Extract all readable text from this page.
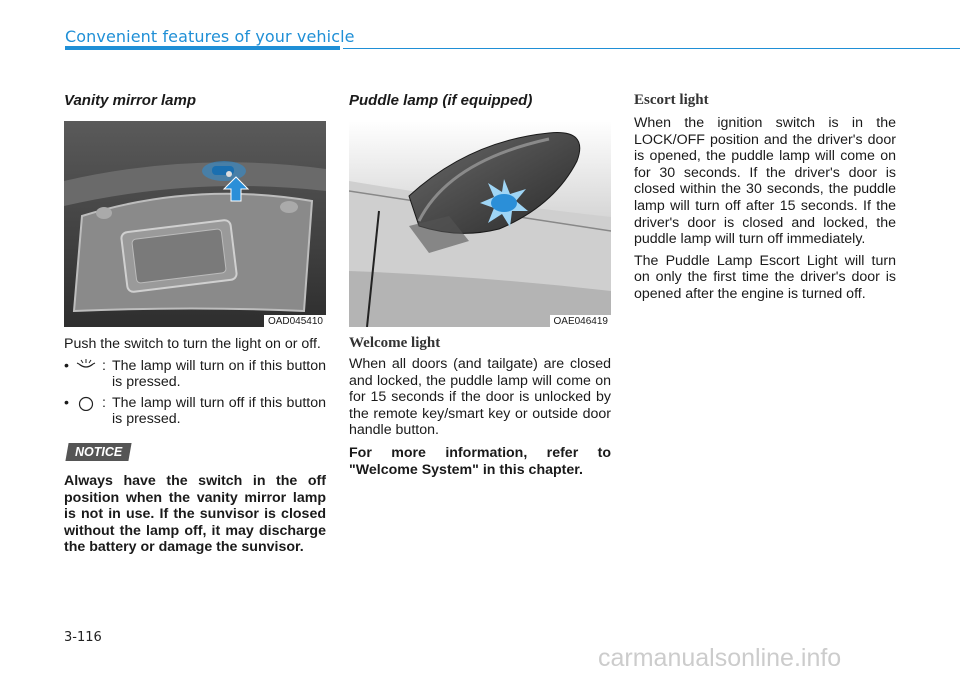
Convenient features of your vehicle
Vanity mirror lamp
OAD045410

Push the switch to turn the light on or off.

• : The lamp will turn on if this button is pressed.
• : The lamp will turn off if this button is pressed.
NOTICE

Always have the switch in the off position when the vanity mirror lamp is not in use. If the sunvisor is closed without the lamp off, it may discharge the battery or damage the sunvisor.

Puddle lamp (if equipped)
OAE046419
Welcome light

When all doors (and tailgate) are closed and locked, the puddle lamp will come on for 15 seconds if the door is unlocked by the remote key/smart key or outside door handle button.

For more information, refer to "Welcome System" in this chapter.

Escort light

When the ignition switch is in the LOCK/OFF position and the driver's door is opened, the puddle lamp will come on for 30 seconds. If the driver's door is closed within the 30 seconds, the puddle lamp will turn off after 15 seconds. If the driver's door is closed and locked, the puddle lamp will turn off immediately.

The Puddle Lamp Escort Light will turn on only the first time the driver's door is opened after the engine is turned off.

3-116
carmanualsonline.info
